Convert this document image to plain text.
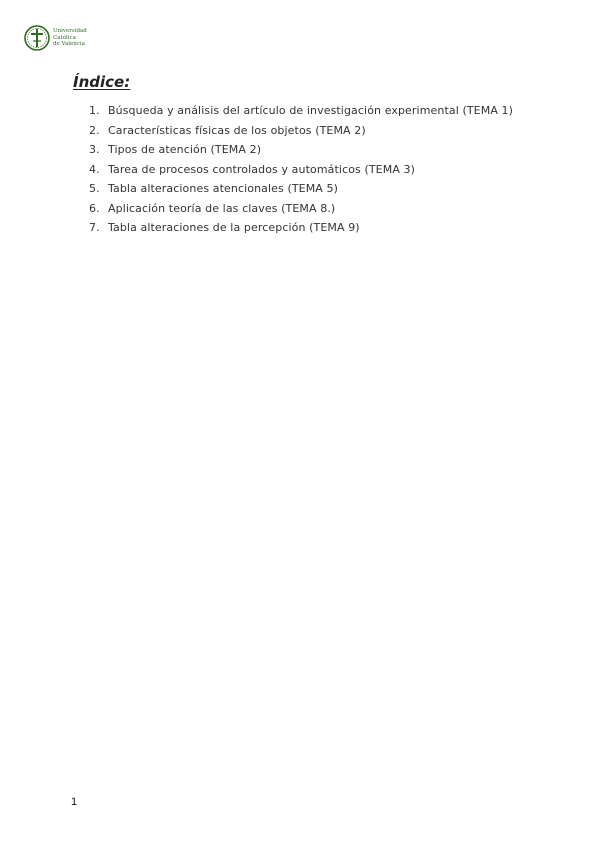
Universidad
Católica
de Valencia
Índice:
1. Búsqueda y análisis del artículo de investigación experimental (TEMA 1)
2. Características físicas de los objetos (TEMA 2)
3. Tipos de atención (TEMA 2)
4. Tarea de procesos controlados y automáticos (TEMA 3)
5. Tabla alteraciones atencionales (TEMA 5)
6. Aplicación teoría de las claves (TEMA 8.)
7. Tabla alteraciones de la percepción (TEMA 9)
1
